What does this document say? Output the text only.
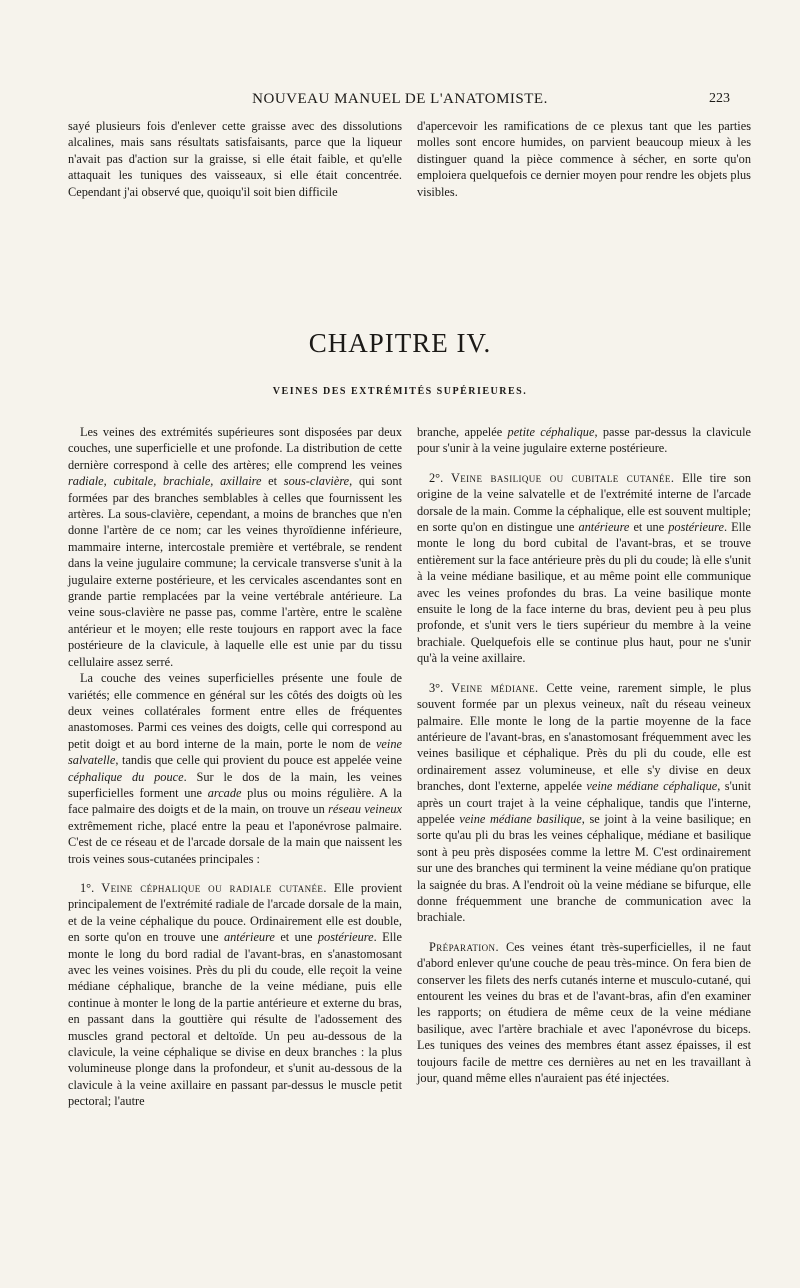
NOUVEAU MANUEL DE L'ANATOMISTE.	223

sayé plusieurs fois d'enlever cette graisse avec des dissolutions alcalines, mais sans résultats satisfaisants, parce que la liqueur n'avait pas d'action sur la graisse, si elle était faible, et qu'elle attaquait les tuniques des vaisseaux, si elle était concentrée. Cependant j'ai observé que, quoiqu'il soit bien difficile

d'apercevoir les ramifications de ce plexus tant que les parties molles sont encore humides, on parvient beaucoup mieux à les distinguer quand la pièce commence à sécher, en sorte qu'on emploiera quelquefois ce dernier moyen pour rendre les objets plus visibles.

CHAPITRE IV.
VEINES DES EXTRÉMITÉS SUPÉRIEURES.

Les veines des extrémités supérieures sont disposées par deux couches, une superficielle et une profonde. La distribution de cette dernière correspond à celle des artères; elle comprend les veines radiale, cubitale, brachiale, axillaire et sous-clavière, qui sont formées par des branches semblables à celles que fournissent les artères. La sous-clavière, cependant, a moins de branches que n'en donne l'artère de ce nom; car les veines thyroïdienne inférieure, mammaire interne, intercostale première et vertébrale, se rendent dans la veine jugulaire commune; la cervicale transverse s'unit à la jugulaire externe postérieure, et les cervicales ascendantes sont en grande partie remplacées par la veine vertébrale antérieure. La veine sous-clavière ne passe pas, comme l'artère, entre le scalène antérieur et le moyen; elle reste toujours en rapport avec la face postérieure de la clavicule, à laquelle elle est unie par du tissu cellulaire assez serré.

La couche des veines superficielles présente une foule de variétés; elle commence en général sur les côtés des doigts où les deux veines collatérales forment entre elles de fréquentes anastomoses. Parmi ces veines des doigts, celle qui correspond au petit doigt et au bord interne de la main, porte le nom de veine salvatelle, tandis que celle qui provient du pouce est appelée veine céphalique du pouce. Sur le dos de la main, les veines superficielles forment une arcade plus ou moins régulière. A la face palmaire des doigts et de la main, on trouve un réseau veineux extrêmement riche, placé entre la peau et l'aponévrose palmaire. C'est de ce réseau et de l'arcade dorsale de la main que naissent les trois veines sous-cutanées principales :

1°. Veine céphalique ou radiale cutanée. Elle provient principalement de l'extrémité radiale de l'arcade dorsale de la main, et de la veine céphalique du pouce. Ordinairement elle est double, en sorte qu'on en trouve une antérieure et une postérieure. Elle monte le long du bord radial de l'avant-bras, en s'anastomosant avec les veines voisines. Près du pli du coude, elle reçoit la veine médiane céphalique, branche de la veine médiane, puis elle continue à monter le long de la partie antérieure et externe du bras, en passant dans la gouttière qui résulte de l'adossement des muscles grand pectoral et deltoïde. Un peu au-dessous de la clavicule, la veine céphalique se divise en deux branches : la plus volumineuse plonge dans la profondeur, et s'unit au-dessous de la clavicule à la veine axillaire en passant par-dessus le muscle petit pectoral; l'autre

branche, appelée petite céphalique, passe par-dessus la clavicule pour s'unir à la veine jugulaire externe postérieure.

2°. Veine basilique ou cubitale cutanée. Elle tire son origine de la veine salvatelle et de l'extrémité interne de l'arcade dorsale de la main. Comme la céphalique, elle est souvent multiple; en sorte qu'on en distingue une antérieure et une postérieure. Elle monte le long du bord cubital de l'avant-bras, et se trouve entièrement sur la face antérieure près du pli du coude; là elle s'unit à la veine médiane basilique, et au même point elle communique avec les veines profondes du bras. La veine basilique monte ensuite le long de la face interne du bras, devient peu à peu plus profonde, et s'unit vers le tiers supérieur du membre à la veine brachiale. Quelquefois elle se continue plus haut, pour ne s'unir qu'à la veine axillaire.

3°. Veine médiane. Cette veine, rarement simple, le plus souvent formée par un plexus veineux, naît du réseau veineux palmaire. Elle monte le long de la partie moyenne de la face antérieure de l'avant-bras, en s'anastomosant fréquemment avec les veines basilique et céphalique. Près du pli du coude, elle est ordinairement assez volumineuse, et elle s'y divise en deux branches, dont l'externe, appelée veine médiane céphalique, s'unit après un court trajet à la veine céphalique, tandis que l'interne, appelée veine médiane basilique, se joint à la veine basilique; en sorte qu'au pli du bras les veines céphalique, médiane et basilique sont à peu près disposées comme la lettre M. C'est ordinairement sur une des branches qui terminent la veine médiane qu'on pratique la saignée du bras. A l'endroit où la veine médiane se bifurque, elle donne fréquemment une branche de communication avec la brachiale.

Préparation. Ces veines étant très-superficielles, il ne faut d'abord enlever qu'une couche de peau très-mince. On fera bien de conserver les filets des nerfs cutanés interne et musculo-cutané, qui entourent les veines du bras et de l'avant-bras, afin d'en examiner les rapports; on étudiera de même ceux de la veine médiane basilique, avec l'artère brachiale et avec l'aponévrose du biceps. Les tuniques des veines des membres étant assez épaisses, il est toujours facile de mettre ces dernières au net en les travaillant à jour, quand même elles n'auraient pas été injectées.
